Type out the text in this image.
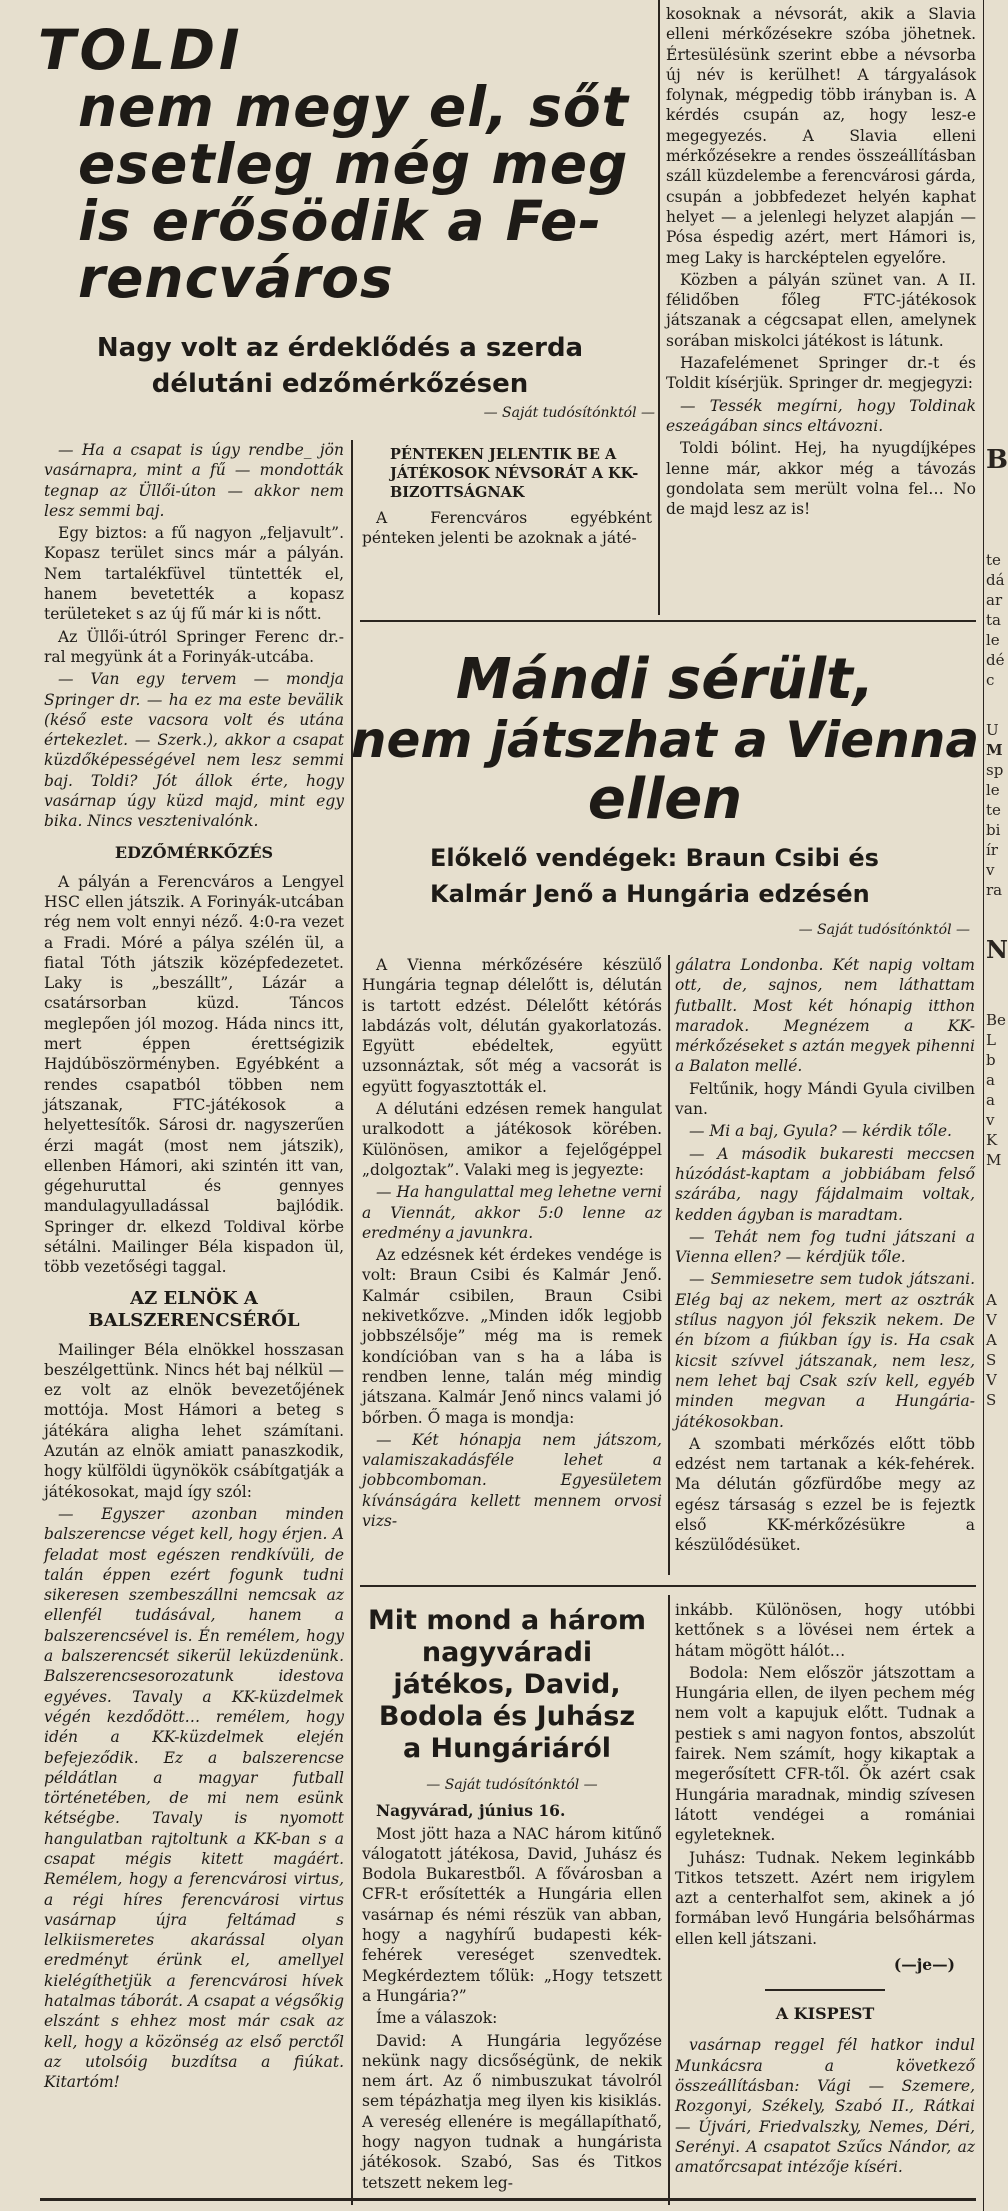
TOLDI
nem megy el, sőt
esetleg még meg
is erősödik a Fe-
rencváros
Nagy volt az érdeklődés a szerda délutáni edzőmérkőzésen
— Saját tudósítónktól —

— Ha a csapat is úgy rendbe_ jön vasárnapra, mint a fű — mondották tegnap az Üllői-úton — akkor nem lesz semmi baj.

Egy biztos: a fű nagyon „feljavult”. Kopasz terület sincs már a pályán. Nem tartalékfüvel tüntették el, hanem bevetették a kopasz területeket s az új fű már ki is nőtt.

Az Üllői-útról Springer Ferenc dr.-ral megyünk át a Forinyák-utcába.

— Van egy tervem — mondja Springer dr. — ha ez ma este bevälik (késő este vacsora volt és utána értekezlet. — Szerk.), akkor a csapat küzdőképességével nem lesz semmi baj. Toldi? Jót állok érte, hogy vasárnap úgy küzd majd, mint egy bika. Nincs vesztenivalónk.

EDZŐMÉRKŐZÉS

A pályán a Ferencváros a Lengyel HSC ellen játszik. A Forinyák-utcában rég nem volt ennyi néző. 4:0-ra vezet a Fradi. Móré a pálya szélén ül, a fiatal Tóth játszik középfedezetet. Laky is „beszállt”, Lázár a csatársorban küzd. Táncos meglepően jól mozog. Háda nincs itt, mert éppen érettségizik Hajdúböszörményben. Egyébként a rendes csapatból többen nem játszanak, FTC-játékosok a helyettesítők. Sárosi dr. nagyszerűen érzi magát (most nem játszik), ellenben Hámori, aki szintén itt van, gégehuruttal és gennyes mandulagyulladással bajlódik. Springer dr. elkezd Toldival körbe sétálni. Mailinger Béla kispadon ül, több vezetőségi taggal.

AZ ELNÖK A BALSZERENCSÉRŐL

Mailinger Béla elnökkel hosszasan beszélgettünk. Nincs hét baj nélkül — ez volt az elnök bevezetőjének mottója. Most Hámori a beteg s játékára aligha lehet számítani. Azután az elnök amiatt panaszkodik, hogy külföldi ügynökök csábítgatják a játékosokat, majd így szól:

— Egyszer azonban minden balszerencse véget kell, hogy érjen. A feladat most egészen rendkívüli, de talán éppen ezért fogunk tudni sikeresen szembeszállni nemcsak az ellenfél tudásával, hanem a balszerencsével is. Én remélem, hogy a balszerencsét sikerül leküzdenünk. Balszerencsesorozatunk idestova egyéves. Tavaly a KK-küzdelmek végén kezdődött… remélem, hogy idén a KK-küzdelmek elején befejeződik. Ez a balszerencse példátlan a magyar futball történetében, de mi nem esünk kétségbe. Tavaly is nyomott hangulatban rajtoltunk a KK-ban s a csapat mégis kitett magáért. Remélem, hogy a ferencvárosi virtus, a régi híres ferencvárosi virtus vasárnap újra feltámad s lelkiismeretes akarással olyan eredményt érünk el, amellyel kielégíthetjük a ferencvárosi hívek hatalmas táborát. A csapat a végsőkig elszánt s ehhez most már csak az kell, hogy a közönség az első perctől az utolsóig buzdítsa a fiúkat. Kitartóm!

PÉNTEKEN JELENTIK BE A JÁTÉKOSOK NÉVSORÁT A KK-BIZOTTSÁGNAK
A Ferencváros egyébként pénteken jelenti be azoknak a játé-

kosoknak a névsorát, akik a Slavia elleni mérkőzésekre szóba jöhetnek. Értesülésünk szerint ebbe a névsorba új név is kerülhet! A tárgyalások folynak, mégpedig több irányban is. A kérdés csupán az, hogy lesz-e megegyezés. A Slavia elleni mérkőzésekre a rendes összeállításban száll küzdelembe a ferencvárosi gárda, csupán a jobbfedezet helyén kaphat helyet — a jelenlegi helyzet alapján — Pósa éspedig azért, mert Hámori is, meg Laky is harcképtelen egyelőre.

Közben a pályán szünet van. A II. félidőben főleg FTC-játékosok játszanak a cégcsapat ellen, amelynek sorában miskolci játékost is látunk.

Hazafelémenet Springer dr.-t és Toldit kísérjük. Springer dr. megjegyzi:

— Tessék megírni, hogy Toldinak eszeágában sincs eltávozni.

Toldi bólint. Hej, ha nyugdíjképes lenne már, akkor még a távozás gondolata sem merült volna fel… No de majd lesz az is!

Mándi sérült,
nem játszhat a Vienna
ellen
Előkelő vendégek: Braun Csibi és Kalmár Jenő a Hungária edzésén
— Saját tudósítónktól —

A Vienna mérkőzésére készülő Hungária tegnap délelőtt is, délután is tartott edzést. Délelőtt kétórás labdázás volt, délután gyakorlatozás. Együtt ebédeltek, együtt uzsonnáztak, sőt még a vacsorát is együtt fogyasztották el.

A délutáni edzésen remek hangulat uralkodott a játékosok körében. Különösen, amikor a fejelőgéppel „dolgoztak”. Valaki meg is jegyezte:

— Ha hangulattal meg lehetne verni a Viennát, akkor 5:0 lenne az eredmény a javunkra.

Az edzésnek két érdekes vendége is volt: Braun Csibi és Kalmár Jenő. Kalmár csibilen, Braun Csibi nekivetkőzve. „Minden idők legjobb jobbszélsője” még ma is remek kondícióban van s ha a lába is rendben lenne, talán még mindig játszana. Kalmár Jenő nincs valami jó bőrben. Ő maga is mondja:

— Két hónapja nem játszom, valamiszakadásféle lehet a jobbcomboman. Egyesületem kívánságára kellett mennem orvosi vizs-

gálatra Londonba. Két napig voltam ott, de, sajnos, nem láthattam futballt. Most két hónapig itthon maradok. Megnézem a KK-mérkőzéseket s aztán megyek pihenni a Balaton mellé.

Feltűnik, hogy Mándi Gyula civilben van.

— Mi a baj, Gyula? — kérdik tőle.

— A második bukaresti meccsen húzódást-kaptam a jobbiábam felső szárába, nagy fájdalmaim voltak, kedden ágyban is maradtam.

— Tehát nem fog tudni játszani a Vienna ellen? — kérdjük tőle.

— Semmiesetre sem tudok játszani. Elég baj az nekem, mert az osztrák stílus nagyon jól fekszik nekem. De én bízom a fiúkban így is. Ha csak kicsit szívvel játszanak, nem lesz, nem lehet baj Csak szív kell, egyéb minden megvan a Hungária-játékosokban.

A szombati mérkőzés előtt több edzést nem tartanak a kék-fehérek. Ma délután gőzfürdőbe megy az egész társaság s ezzel be is fejeztk első KK-mérkőzésükre a készülődésüket.

Mit mond a három
nagyváradi
játékos, David,
Bodola és Juhász
a Hungáriáról
— Saját tudósítónktól —

Nagyvárad, június 16.

Most jött haza a NAC három kitűnő válogatott játékosa, David, Juhász és Bodola Bukarestből. A fővárosban a CFR-t erősítették a Hungária ellen vasárnap és némi részük van abban, hogy a nagyhírű budapesti kék-fehérek vereséget szenvedtek. Megkérdeztem tőlük: „Hogy tetszett a Hungária?”

Íme a válaszok:

David: A Hungária legyőzése nekünk nagy dicsőségünk, de nekik nem árt. Az ő nimbuszukat távolról sem tépázhatja meg ilyen kis kisiklás. A vereség ellenére is megállapíthatő, hogy nagyon tudnak a hungárista játékosok. Szabó, Sas és Titkos tetszett nekem leg-

inkább. Különösen, hogy utóbbi kettőnek s a lövései nem értek a hátam mögött hálót…

Bodola: Nem először játszottam a Hungária ellen, de ilyen pechem még nem volt a kapujuk előtt. Tudnak a pestiek s ami nagyon fontos, abszolút fairek. Nem számít, hogy kikaptak a megerősített CFR-től. Ők azért csak Hungária maradnak, mindig szívesen látott vendégei a romániai egyleteknek.

Juhász: Tudnak. Nekem leginkább Titkos tetszett. Azért nem irigylem azt a centerhalfot sem, akinek a jó formában levő Hungária belsőhármas ellen kell játszani.

(—je—)
A KISPEST

vasárnap reggel fél hatkor indul Munkácsra a következő összeállításban: Vági — Szemere, Rozgonyi, Székely, Szabó II., Rátkai — Újvári, Friedvalszky, Nemes, Déri, Serényi. A csapatot Szűcs Nándor, az amatőrcsapat intézője kíséri.

B
te
dá
ar
ta
le
dé
c
U
M
sp
le
te
bi
ír
v
ra
N
Be
L
b
a
a
v
K
M
A
V
A
S
V
S
